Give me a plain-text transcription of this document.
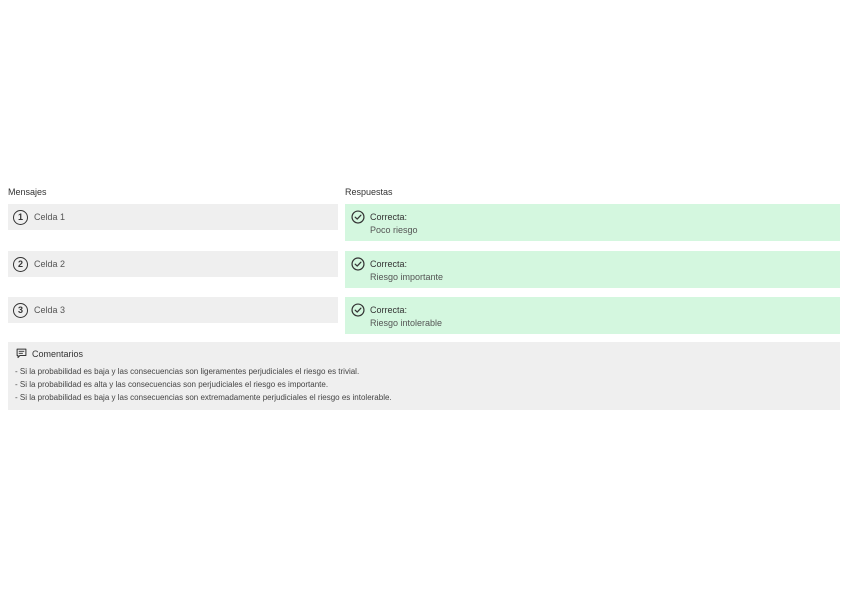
Mensajes	Respuestas
1	Celda 1	Correcta:
Poco riesgo
2	Celda 2	Correcta:
Riesgo importante
3	Celda 3	Correcta:
Riesgo intolerable
Comentarios
- Si la probabilidad es baja y las consecuencias son ligeramentes perjudiciales el riesgo es trivial.
- Si la probabilidad es alta y las consecuencias son perjudiciales el riesgo es importante.
- Si la probabilidad es baja y las consecuencias son extremadamente perjudiciales el riesgo es intolerable.
